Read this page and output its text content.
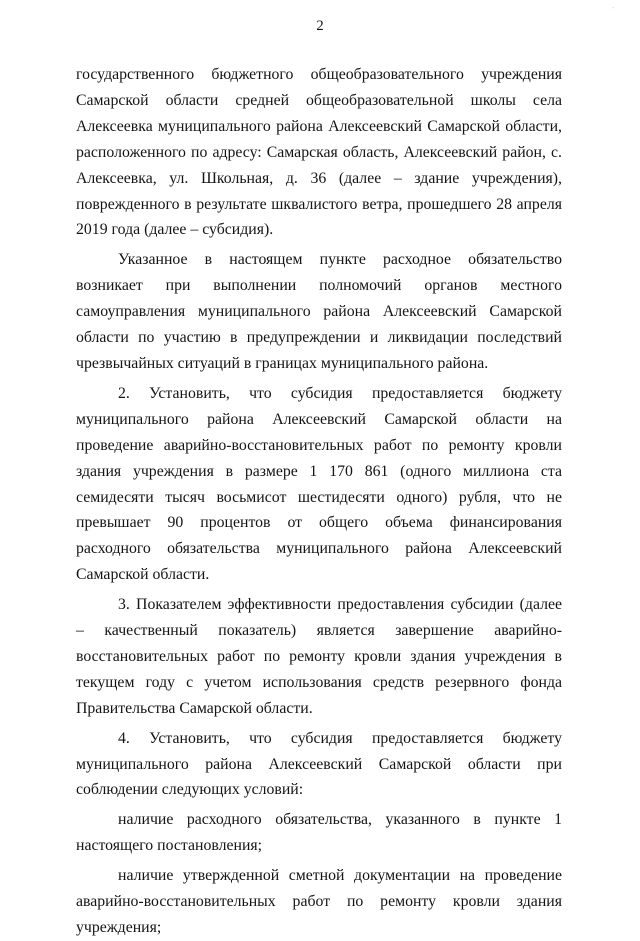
`
2

государственного бюджетного общеобразовательного учреждения Самарской области средней общеобразовательной школы села Алексеевка муниципального района Алексеевский Самарской области, расположенного по адресу: Самарская область, Алексеевский район, с. Алексеевка, ул. Школьная, д. 36 (далее – здание учреждения), поврежденного в результате шквалистого ветра, прошедшего 28 апреля 2019 года (далее – субсидия).

Указанное в настоящем пункте расходное обязательство возникает при выполнении полномочий органов местного самоуправления муниципального района Алексеевский Самарской области по участию в предупреждении и ликвидации последствий чрезвычайных ситуаций в границах муниципального района.

2. Установить, что субсидия предоставляется бюджету муниципального района Алексеевский Самарской области на проведение аварийно-восстановительных работ по ремонту кровли здания учреждения в размере 1 170 861 (одного миллиона ста семидесяти тысяч восьмисот шестидесяти одного) рубля, что не превышает 90 процентов от общего объема финансирования расходного обязательства муниципального района Алексеевский Самарской области.

3. Показателем эффективности предоставления субсидии (далее – качественный показатель) является завершение аварийно-восстановительных работ по ремонту кровли здания учреждения в текущем году с учетом использования средств резервного фонда Правительства Самарской области.

4. Установить, что субсидия предоставляется бюджету муниципального района Алексеевский Самарской области при соблюдении следующих условий:

наличие расходного обязательства, указанного в пункте 1 настоящего постановления;

наличие утвержденной сметной документации на проведение аварийно-восстановительных работ по ремонту кровли здания учреждения;
